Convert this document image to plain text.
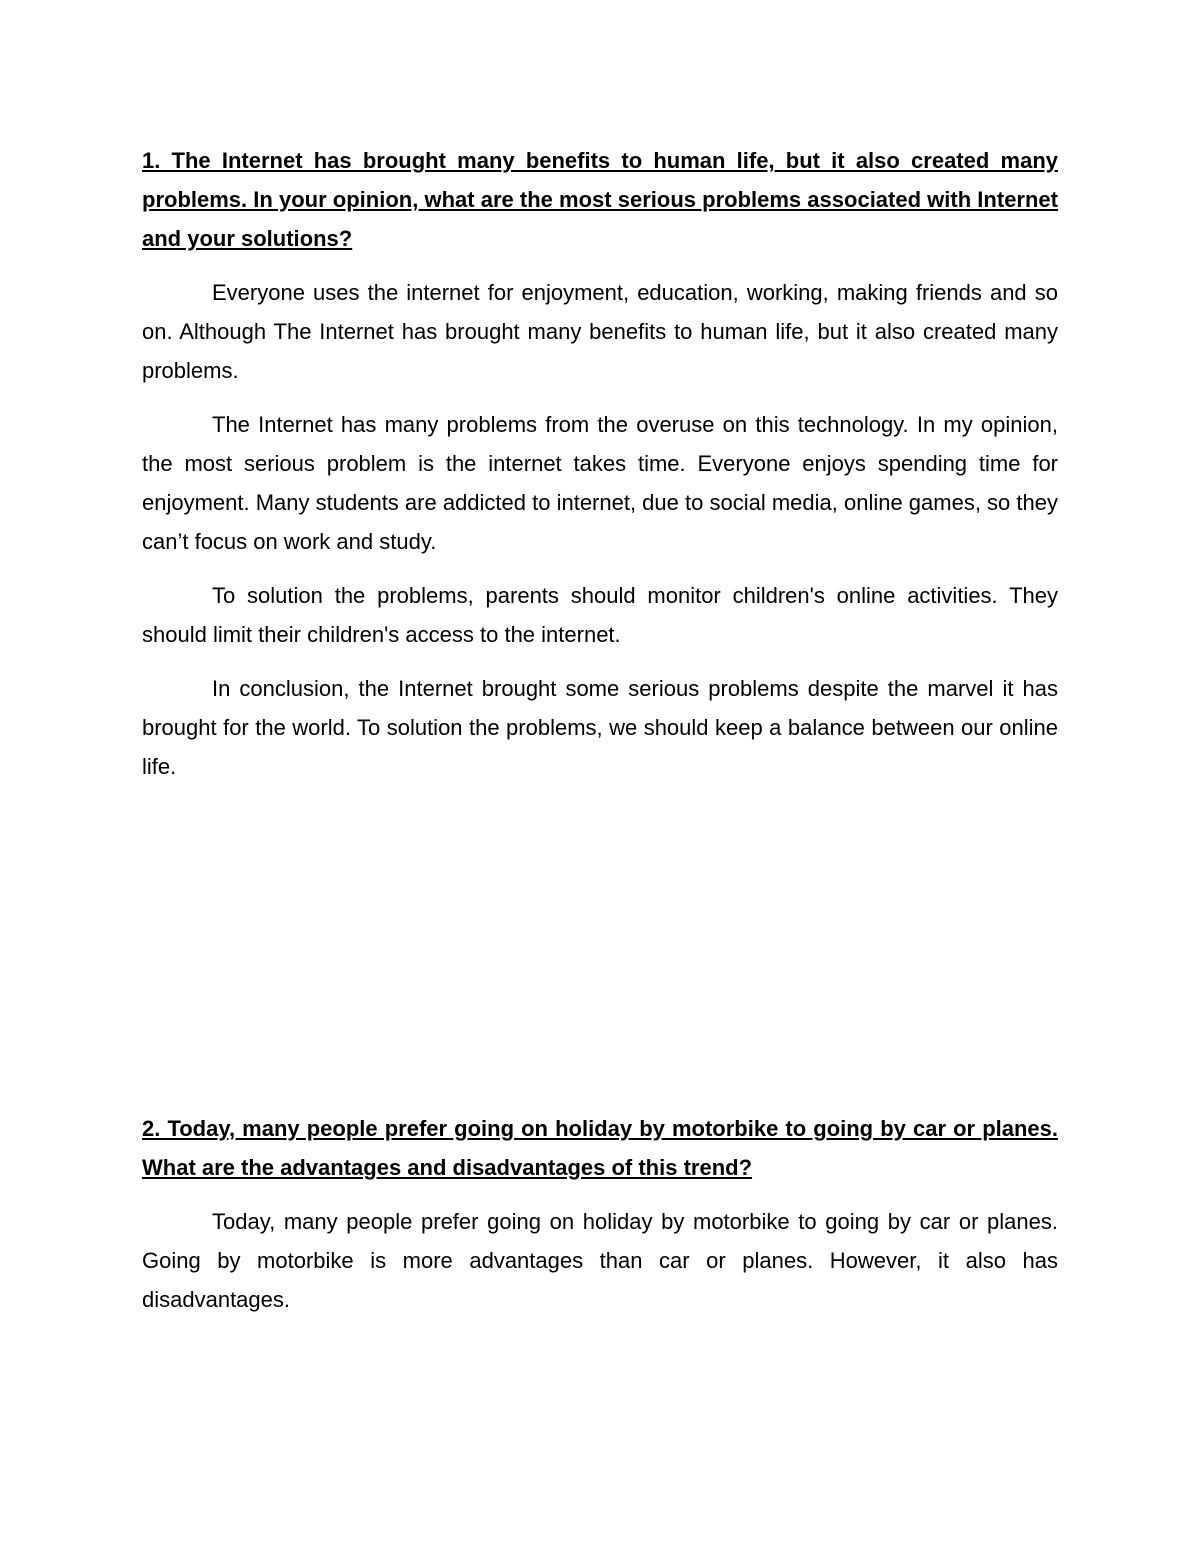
1. The Internet has brought many benefits to human life, but it also created many problems. In your opinion, what are the most serious problems associated with Internet and your solutions?

Everyone uses the internet for enjoyment, education, working, making friends and so on. Although The Internet has brought many benefits to human life, but it also created many problems.

The Internet has many problems from the overuse on this technology. In my opinion, the most serious problem is the internet takes time. Everyone enjoys spending time for enjoyment. Many students are addicted to internet, due to social media, online games, so they can’t focus on work and study.

To solution the problems, parents should monitor children's online activities. They should limit their children's access to the internet.

In conclusion, the Internet brought some serious problems despite the marvel it has brought for the world. To solution the problems, we should keep a balance between our online life.

2. Today, many people prefer going on holiday by motorbike to going by car or planes. What are the advantages and disadvantages of this trend?

Today, many people prefer going on holiday by motorbike to going by car or planes. Going by motorbike is more advantages than car or planes. However, it also has disadvantages.
